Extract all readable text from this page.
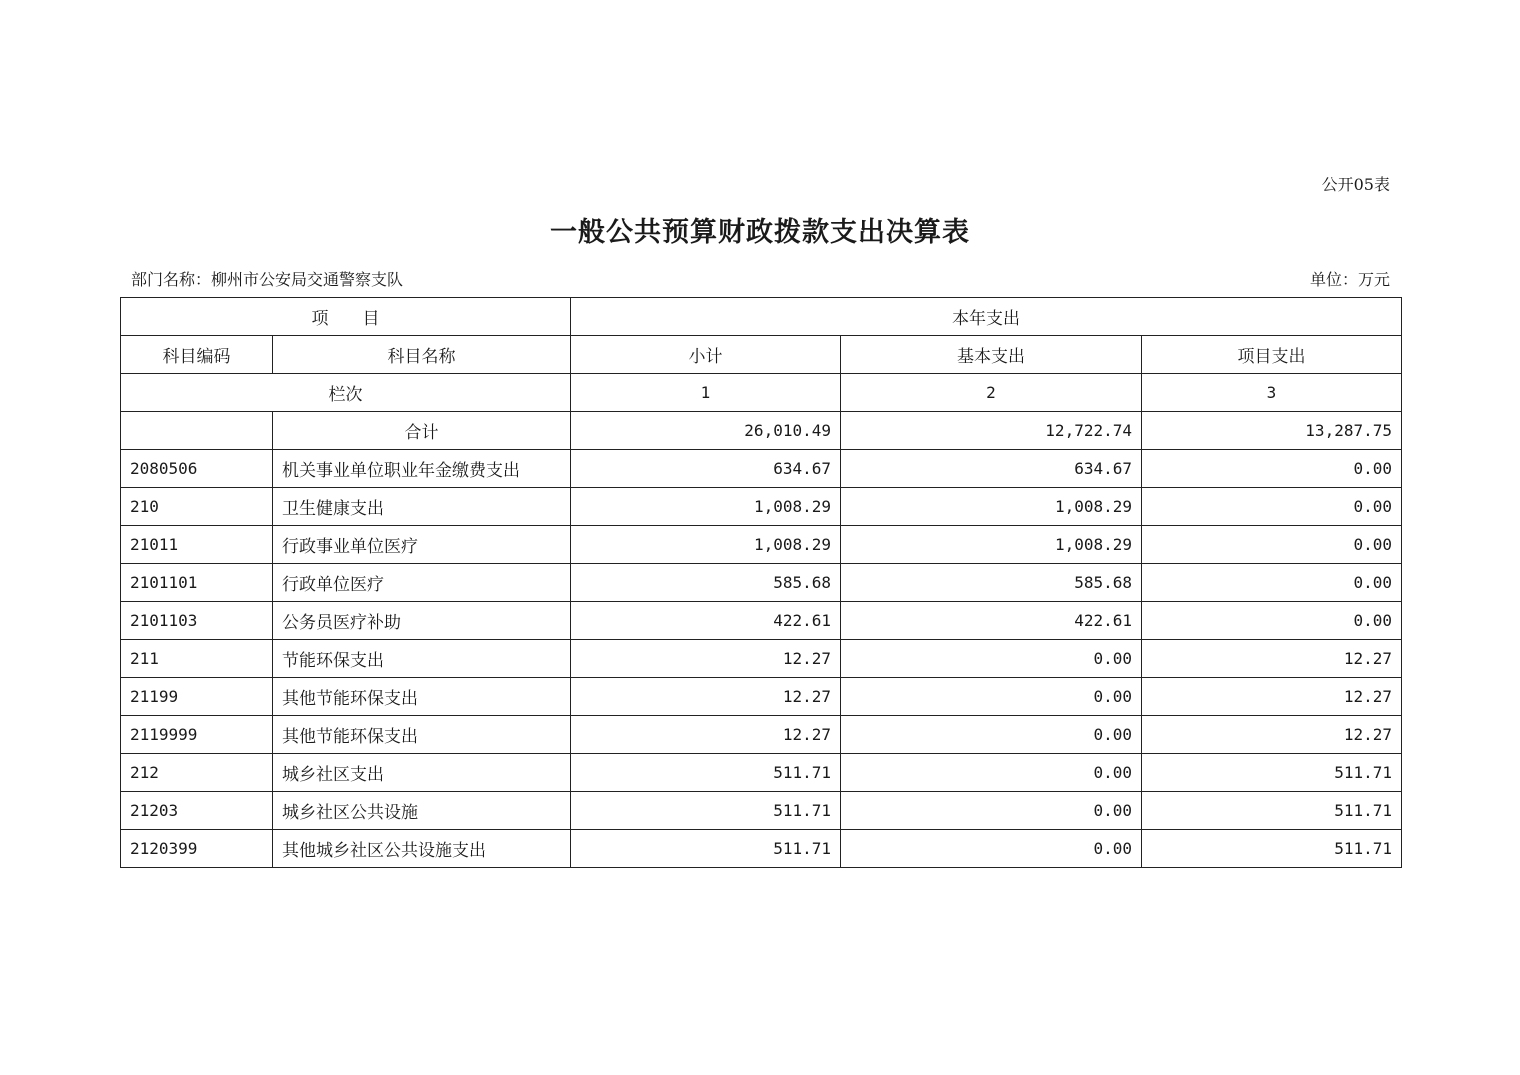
公开05表
一般公共预算财政拨款支出决算表
部门名称：柳州市公安局交通警察支队	单位：万元
项　　目		本年支出		
科目编码	科目名称	小计	基本支出	项目支出
栏次		1	2	3
	合计	26,010.49	12,722.74	13,287.75
2080506	机关事业单位职业年金缴费支出	634.67	634.67	0.00
210	卫生健康支出	1,008.29	1,008.29	0.00
21011	行政事业单位医疗	1,008.29	1,008.29	0.00
2101101	行政单位医疗	585.68	585.68	0.00
2101103	公务员医疗补助	422.61	422.61	0.00
211	节能环保支出	12.27	0.00	12.27
21199	其他节能环保支出	12.27	0.00	12.27
2119999	其他节能环保支出	12.27	0.00	12.27
212	城乡社区支出	511.71	0.00	511.71
21203	城乡社区公共设施	511.71	0.00	511.71
2120399	其他城乡社区公共设施支出	511.71	0.00	511.71
